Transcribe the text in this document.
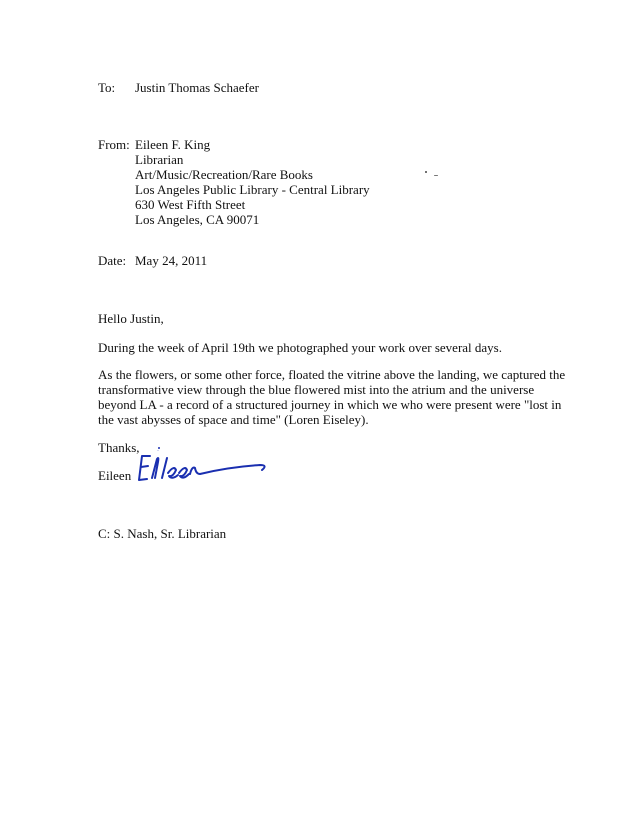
To: Justin Thomas Schaefer
From: Eileen F. King
Librarian
Art/Music/Recreation/Rare Books
Los Angeles Public Library - Central Library
630 West Fifth Street
Los Angeles, CA 90071
Date: May 24, 2011
Hello Justin,
During the week of April 19th we photographed your work over several days.
As the flowers, or some other force, floated the vitrine above the landing, we captured the
transformative view through the blue flowered mist into the atrium and the universe
beyond LA - a record of a structured journey in which we who were present were "lost in
the vast abysses of space and time" (Loren Eiseley).
Thanks,
Eileen
C: S. Nash, Sr. Librarian
